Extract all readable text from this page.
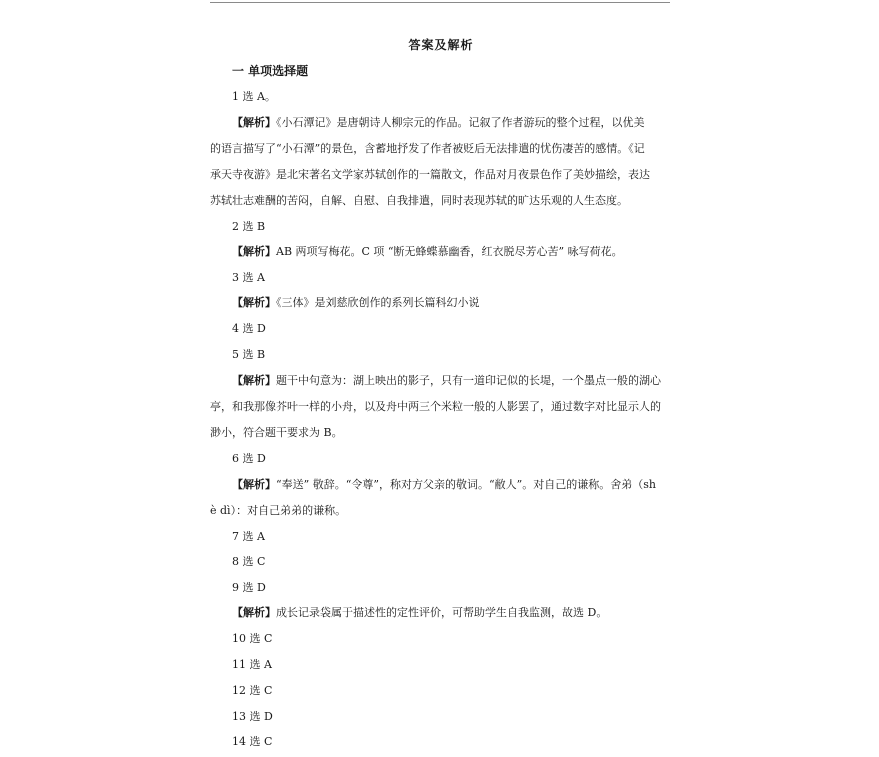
答案及解析
一 单项选择题
1 选 A。
【解析】《小石潭记》是唐朝诗人柳宗元的作品。记叙了作者游玩的整个过程，以优美
的语言描写了“小石潭”的景色，含蓄地抒发了作者被贬后无法排遣的忧伤凄苦的感情。《记
承天寺夜游》是北宋著名文学家苏轼创作的一篇散文，作品对月夜景色作了美妙描绘，表达
苏轼壮志难酬的苦闷，自解、自慰、自我排遣，同时表现苏轼的旷达乐观的人生态度。
2 选 B
【解析】AB 两项写梅花。C 项 “断无蜂蝶慕幽香，红衣脱尽芳心苦” 咏写荷花。
3 选 A
【解析】《三体》是刘慈欣创作的系列长篇科幻小说
4 选 D
5 选 B
【解析】题干中句意为：湖上映出的影子，只有一道印记似的长堤，一个墨点一般的湖心
亭，和我那像芥叶一样的小舟，以及舟中两三个米粒一般的人影罢了，通过数字对比显示人的
渺小，符合题干要求为 B。
6 选 D
【解析】“奉送” 敬辞。“令尊”，称对方父亲的敬词。“敝人”。对自己的谦称。舍弟（sh
è dì）：对自己弟弟的谦称。
7 选 A
8 选 C
9 选 D
【解析】成长记录袋属于描述性的定性评价，可帮助学生自我监测，故选 D。
10 选 C
11 选 A
12 选 C
13 选 D
14 选 C
